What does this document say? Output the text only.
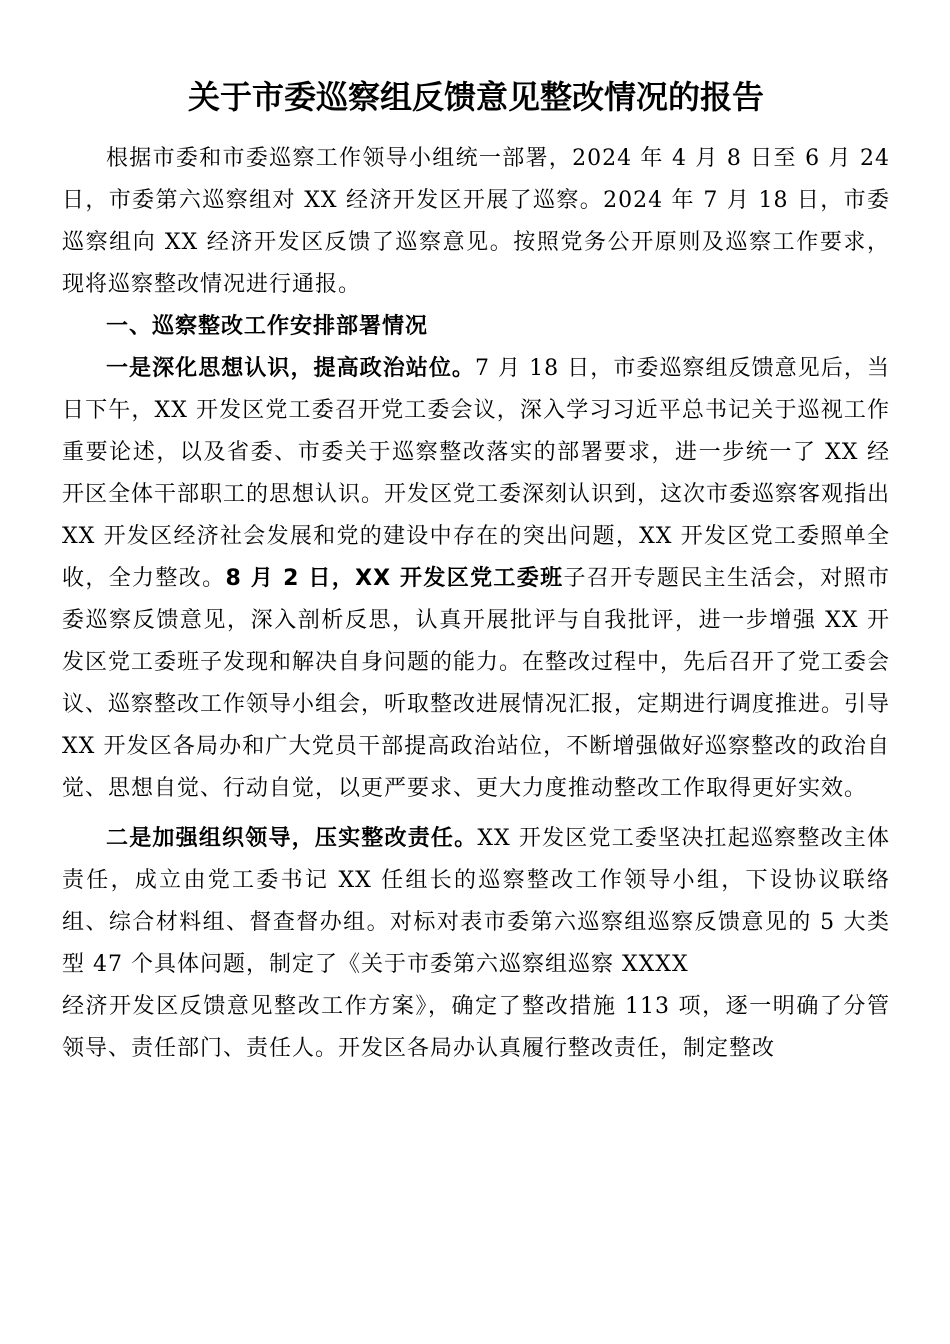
关于市委巡察组反馈意见整改情况的报告

根据市委和市委巡察工作领导小组统一部署，2024 年 4 月 8 日至 6 月 24 日，市委第六巡察组对 XX 经济开发区开展了巡察。2024 年 7 月 18 日，市委巡察组向 XX 经济开发区反馈了巡察意见。按照党务公开原则及巡察工作要求，现将巡察整改情况进行通报。

一、巡察整改工作安排部署情况

一是深化思想认识，提高政治站位。7 月 18 日，市委巡察组反馈意见后，当日下午，XX 开发区党工委召开党工委会议，深入学习习近平总书记关于巡视工作重要论述，以及省委、市委关于巡察整改落实的部署要求，进一步统一了 XX 经开区全体干部职工的思想认识。开发区党工委深刻认识到，这次市委巡察客观指出 XX 开发区经济社会发展和党的建设中存在的突出问题，XX 开发区党工委照单全收，全力整改。8 月 2 日，XX 开发区党工委班子召开专题民主生活会，对照市委巡察反馈意见，深入剖析反思，认真开展批评与自我批评，进一步增强 XX 开发区党工委班子发现和解决自身问题的能力。在整改过程中，先后召开了党工委会议、巡察整改工作领导小组会，听取整改进展情况汇报，定期进行调度推进。引导 XX 开发区各局办和广大党员干部提高政治站位，不断增强做好巡察整改的政治自觉、思想自觉、行动自觉，以更严要求、更大力度推动整改工作取得更好实效。

二是加强组织领导，压实整改责任。XX 开发区党工委坚决扛起巡察整改主体责任，成立由党工委书记 XX 任组长的巡察整改工作领导小组，下设协议联络组、综合材料组、督查督办组。对标对表市委第六巡察组巡察反馈意见的 5 大类型 47 个具体问题，制定了《关于市委第六巡察组巡察 XXXX

经济开发区反馈意见整改工作方案》，确定了整改措施 113 项，逐一明确了分管领导、责任部门、责任人。开发区各局办认真履行整改责任，制定整改
